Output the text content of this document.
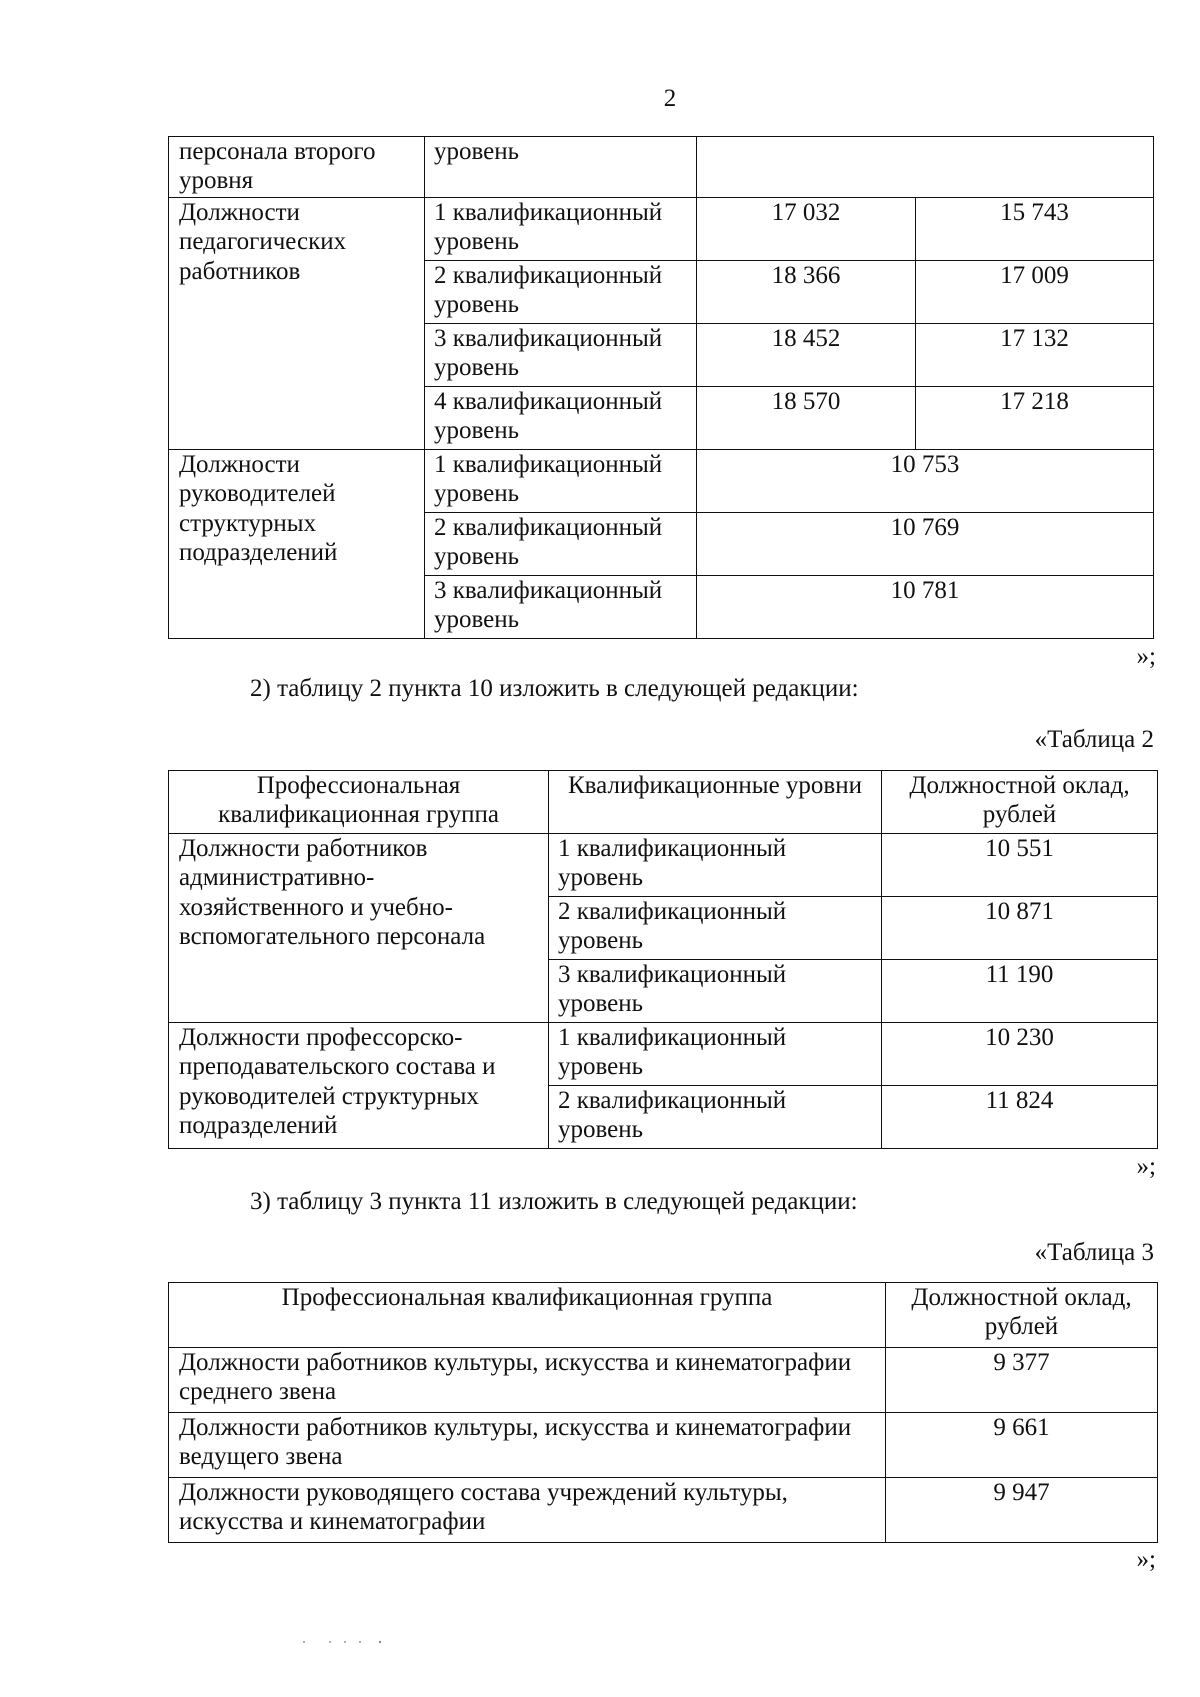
2
персонала второго уровня	уровень		
Должности педагогических работников	1 квалификационный уровень	17 032	15 743
	2 квалификационный уровень	18 366	17 009
	3 квалификационный уровень	18 452	17 132
	4 квалификационный уровень	18 570	17 218
Должности руководителей структурных подразделений	1 квалификационный уровень	10 753	
	2 квалификационный уровень	10 769	
	3 квалификационный уровень	10 781	
»;
2) таблицу 2 пункта 10 изложить в следующей редакции:
«Таблица 2
Профессиональная квалификационная группа	Квалификационные уровни	Должностной оклад, рублей
Должности работников административно-хозяйственного и учебно-вспомогательного персонала	1 квалификационный уровень	10 551
	2 квалификационный уровень	10 871
	3 квалификационный уровень	11 190
Должности профессорско-преподавательского состава и руководителей структурных подразделений	1 квалификационный уровень	10 230
	2 квалификационный уровень	11 824
»;
3) таблицу 3 пункта 11 изложить в следующей редакции:
«Таблица 3
Профессиональная квалификационная группа	Должностной оклад, рублей
Должности работников культуры, искусства и кинематографии среднего звена	9 377
Должности работников культуры, искусства и кинематографии ведущего звена	9 661
Должности руководящего состава учреждений культуры, искусства и кинематографии	9 947
»;
